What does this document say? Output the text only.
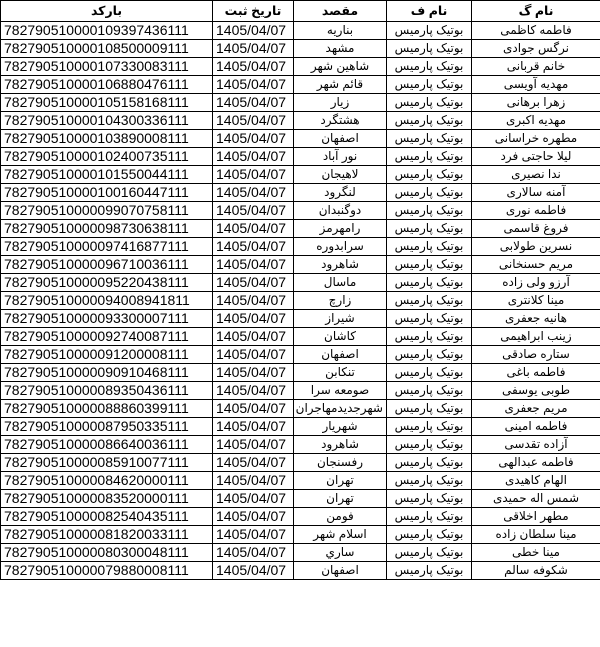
نام گ	نام ف	مقصد	تاریخ ثبت	بارکد
فاطمه کاظمی	بوتیک پارمیس	بناریه	1405/04/07	782790510000109397436111
نرگس جوادی	بوتیک پارمیس	مشهد	1405/04/07	782790510000108500009111
خانم قربانی	بوتیک پارمیس	شاهین شهر	1405/04/07	782790510000107330083111
مهدیه آویسی	بوتیک پارمیس	قائم شهر	1405/04/07	782790510000106880476111
زهرا برهانی	بوتیک پارمیس	زیار	1405/04/07	782790510000105158168111
مهدیه اکبری	بوتیک پارمیس	هشتگرد	1405/04/07	782790510000104300336111
مطهره خراسانی	بوتیک پارمیس	اصفهان	1405/04/07	782790510000103890008111
لیلا حاجتی فرد	بوتیک پارمیس	نور آباد	1405/04/07	782790510000102400735111
ندا نصیری	بوتیک پارمیس	لاهیجان	1405/04/07	782790510000101550044111
آمنه سالاری	بوتیک پارمیس	لنگرود	1405/04/07	782790510000100160447111
فاطمه نوری	بوتیک پارمیس	دوگنبدان	1405/04/07	782790510000099070758111
فروغ قاسمی	بوتیک پارمیس	رامهرمز	1405/04/07	782790510000098730638111
نسرین طولابی	بوتیک پارمیس	سرابدوره	1405/04/07	782790510000097416877111
مریم حسنخانی	بوتیک پارمیس	شاهرود	1405/04/07	782790510000096710036111
آرزو ولی زاده	بوتیک پارمیس	ماسال	1405/04/07	782790510000095220438111
مینا کلانتری	بوتیک پارمیس	زارچ	1405/04/07	782790510000094008941811
هانیه جعفری	بوتیک پارمیس	شیراز	1405/04/07	782790510000093300007111
زینب ابراهیمی	بوتیک پارمیس	کاشان	1405/04/07	782790510000092740087111
ستاره صادقی	بوتیک پارمیس	اصفهان	1405/04/07	782790510000091200008111
فاطمه باغی	بوتیک پارمیس	تنکابن	1405/04/07	782790510000090910468111
طوبی یوسفی	بوتیک پارمیس	صومعه سرا	1405/04/07	782790510000089350436111
مریم جعفری	بوتیک پارمیس	شهرجدیدمهاجران	1405/04/07	782790510000088860399111
فاطمه امینی	بوتیک پارمیس	شهریار	1405/04/07	782790510000087950335111
آزاده تقدسی	بوتیک پارمیس	شاهرود	1405/04/07	782790510000086640036111
فاطمه عبدالهی	بوتیک پارمیس	رفسنجان	1405/04/07	782790510000085910077111
الهام کاهیدی	بوتیک پارمیس	تهران	1405/04/07	782790510000084620000111
شمس اله حمیدی	بوتیک پارمیس	تهران	1405/04/07	782790510000083520000111
مطهر اخلاقی	بوتیک پارمیس	فومن	1405/04/07	782790510000082540435111
مینا سلطان زاده	بوتیک پارمیس	اسلام شهر	1405/04/07	782790510000081820033111
مینا خطی	بوتیک پارمیس	ساري	1405/04/07	782790510000080300048111
شکوفه سالم	بوتیک پارمیس	اصفهان	1405/04/07	782790510000079880008111
